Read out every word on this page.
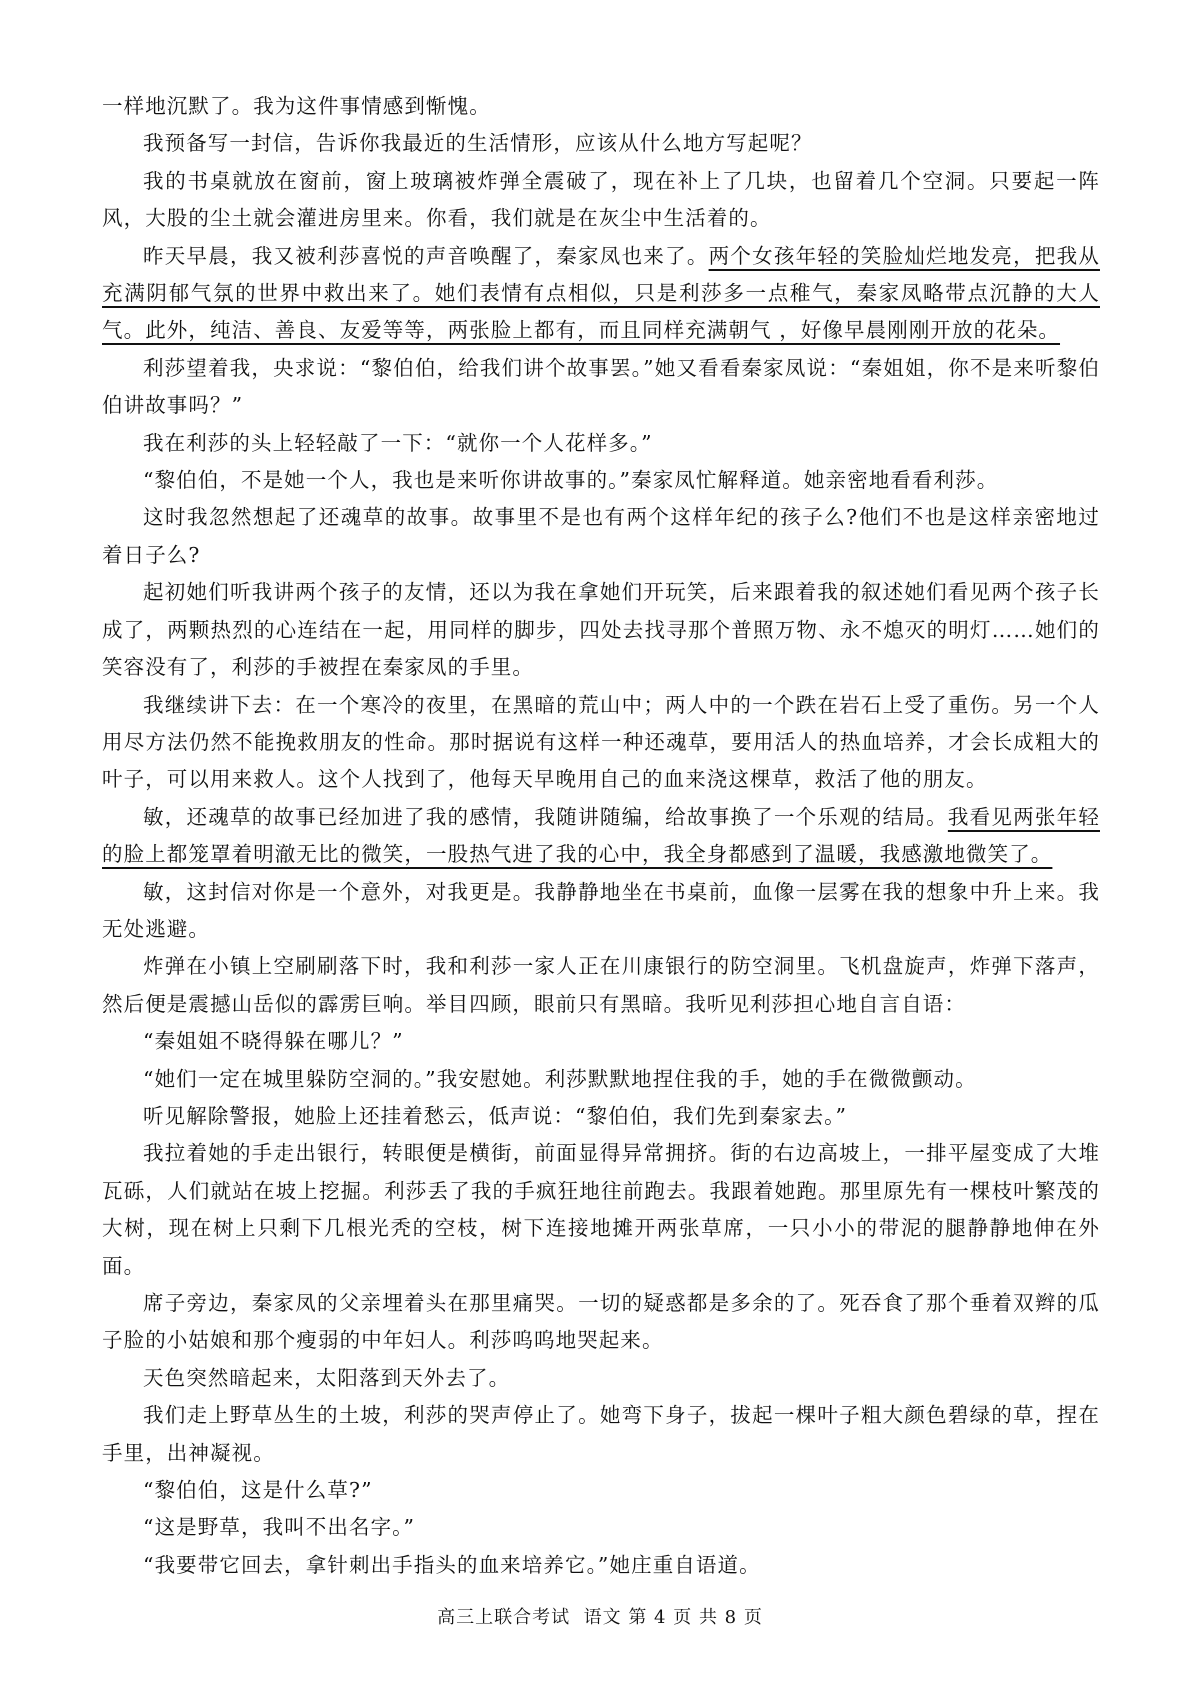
一样地沉默了。我为这件事情感到惭愧。

我预备写一封信，告诉你我最近的生活情形，应该从什么地方写起呢？

我的书桌就放在窗前，窗上玻璃被炸弹全震破了，现在补上了几块，也留着几个空洞。只要起一阵风，大股的尘土就会灌进房里来。你看，我们就是在灰尘中生活着的。

昨天早晨，我又被利莎喜悦的声音唤醒了，秦家凤也来了。两个女孩年轻的笑脸灿烂地发亮，把我从充满阴郁气氛的世界中救出来了。她们表情有点相似，只是利莎多一点稚气，秦家凤略带点沉静的大人气。此外，纯洁、善良、友爱等等，两张脸上都有，而且同样充满朝气 ，好像早晨刚刚开放的花朵。

利莎望着我，央求说：“黎伯伯，给我们讲个故事罢。”她又看看秦家凤说：“秦姐姐，你不是来听黎伯伯讲故事吗？”

我在利莎的头上轻轻敲了一下：“就你一个人花样多。”

“黎伯伯，不是她一个人，我也是来听你讲故事的。”秦家凤忙解释道。她亲密地看看利莎。

这时我忽然想起了还魂草的故事。故事里不是也有两个这样年纪的孩子么?他们不也是这样亲密地过着日子么?

起初她们听我讲两个孩子的友情，还以为我在拿她们开玩笑，后来跟着我的叙述她们看见两个孩子长成了，两颗热烈的心连结在一起，用同样的脚步，四处去找寻那个普照万物、永不熄灭的明灯……她们的笑容没有了，利莎的手被捏在秦家凤的手里。

我继续讲下去：在一个寒冷的夜里，在黑暗的荒山中；两人中的一个跌在岩石上受了重伤。另一个人用尽方法仍然不能挽救朋友的性命。那时据说有这样一种还魂草，要用活人的热血培养，才会长成粗大的叶子，可以用来救人。这个人找到了，他每天早晚用自己的血来浇这棵草，救活了他的朋友。

敏，还魂草的故事已经加进了我的感情，我随讲随编，给故事换了一个乐观的结局。我看见两张年轻的脸上都笼罩着明澈无比的微笑，一股热气进了我的心中，我全身都感到了温暖，我感激地微笑了。

敏，这封信对你是一个意外，对我更是。我静静地坐在书桌前，血像一层雾在我的想象中升上来。我无处逃避。

炸弹在小镇上空刷刷落下时，我和利莎一家人正在川康银行的防空洞里。飞机盘旋声，炸弹下落声，然后便是震撼山岳似的霹雳巨响。举目四顾，眼前只有黑暗。我听见利莎担心地自言自语：

“秦姐姐不晓得躲在哪儿？”

“她们一定在城里躲防空洞的。”我安慰她。利莎默默地捏住我的手，她的手在微微颤动。

听见解除警报，她脸上还挂着愁云，低声说：“黎伯伯，我们先到秦家去。”

我拉着她的手走出银行，转眼便是横街，前面显得异常拥挤。街的右边高坡上，一排平屋变成了大堆瓦砾，人们就站在坡上挖掘。利莎丢了我的手疯狂地往前跑去。我跟着她跑。那里原先有一棵枝叶繁茂的大树，现在树上只剩下几根光秃的空枝，树下连接地摊开两张草席，一只小小的带泥的腿静静地伸在外面。

席子旁边，秦家凤的父亲埋着头在那里痛哭。一切的疑惑都是多余的了。死吞食了那个垂着双辫的瓜子脸的小姑娘和那个瘦弱的中年妇人。利莎呜呜地哭起来。

天色突然暗起来，太阳落到天外去了。

我们走上野草丛生的土坡，利莎的哭声停止了。她弯下身子，拔起一棵叶子粗大颜色碧绿的草，捏在手里，出神凝视。

“黎伯伯，这是什么草?”

“这是野草，我叫不出名字。”

“我要带它回去，拿针刺出手指头的血来培养它。”她庄重自语道。

高三上联合考试 语文 第 4 页 共 8 页
